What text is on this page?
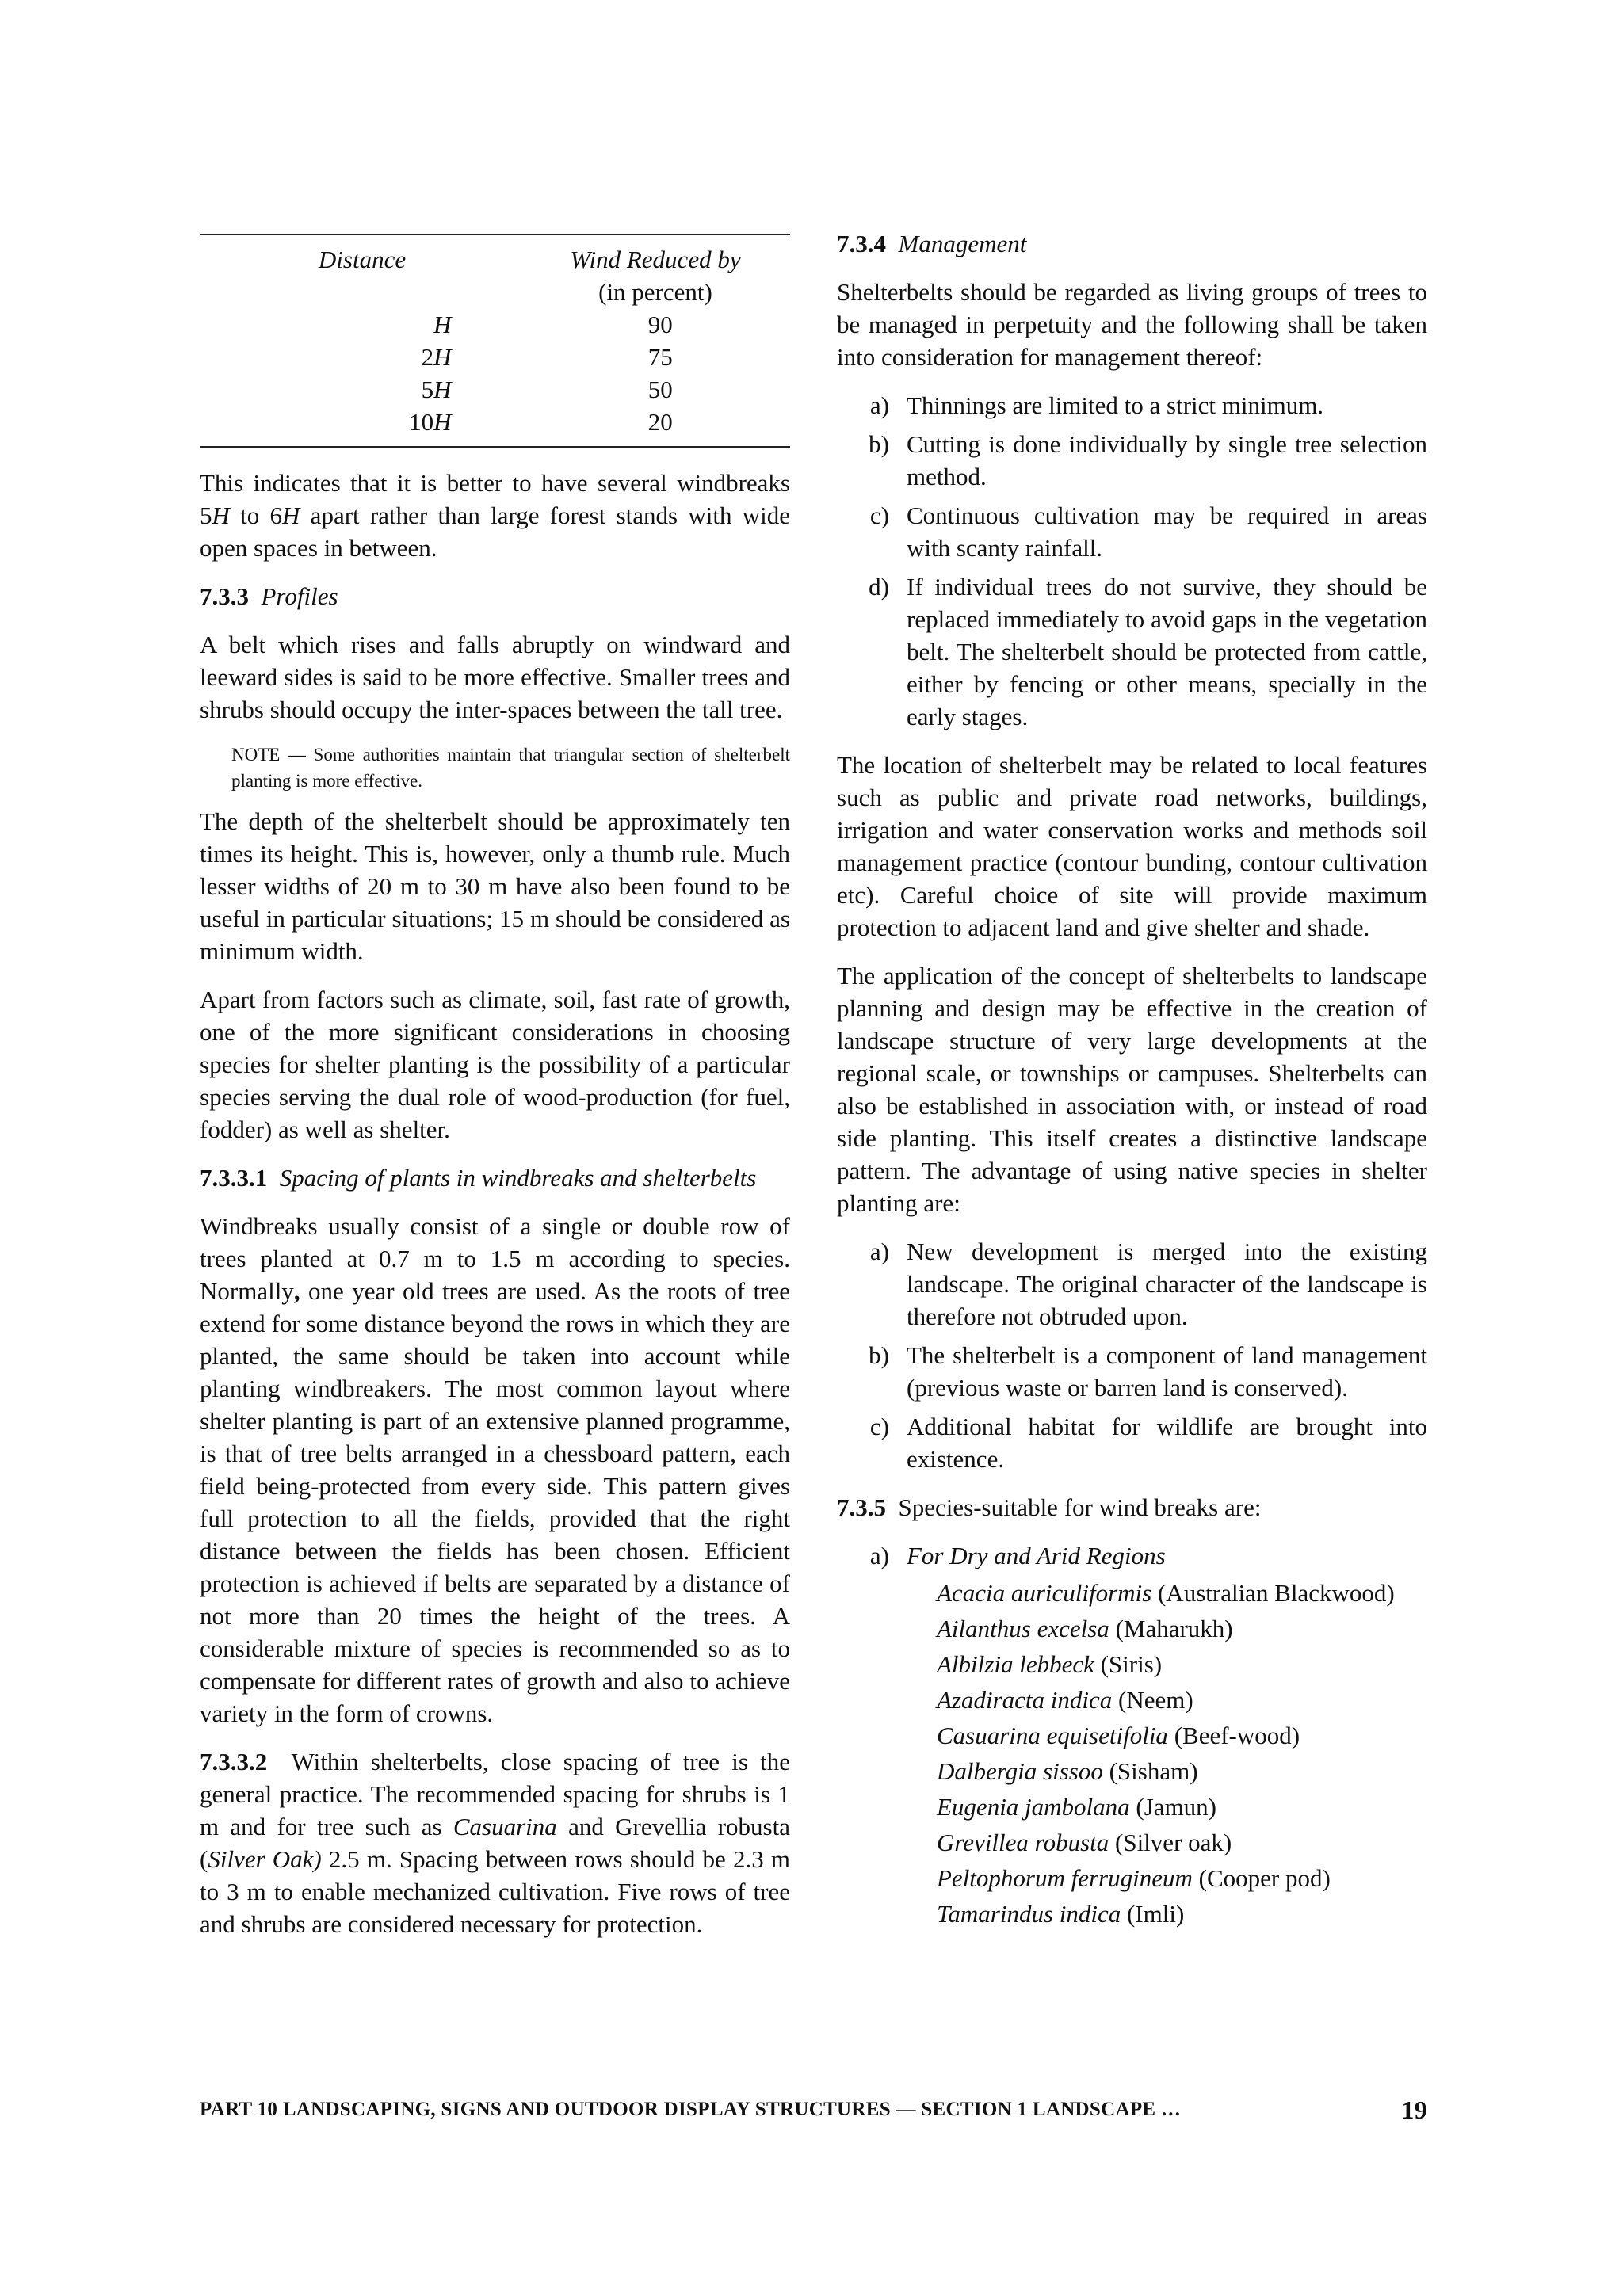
Distance	Wind Reduced by
(in percent)
H	90
2H	75
5H	50
10H	20

This indicates that it is better to have several windbreaks 5H to 6H apart rather than large forest stands with wide open spaces in between.

7.3.3 Profiles

A belt which rises and falls abruptly on windward and leeward sides is said to be more effective. Smaller trees and shrubs should occupy the inter-spaces between the tall tree.

NOTE — Some authorities maintain that triangular section of shelterbelt planting is more effective.

The depth of the shelterbelt should be approximately ten times its height. This is, however, only a thumb rule. Much lesser widths of 20 m to 30 m have also been found to be useful in particular situations; 15 m should be considered as minimum width.

Apart from factors such as climate, soil, fast rate of growth, one of the more significant considerations in choosing species for shelter planting is the possibility of a particular species serving the dual role of wood-production (for fuel, fodder) as well as shelter.

7.3.3.1 Spacing of plants in windbreaks and shelterbelts

Windbreaks usually consist of a single or double row of trees planted at 0.7 m to 1.5 m according to species. Normally, one year old trees are used. As the roots of tree extend for some distance beyond the rows in which they are planted, the same should be taken into account while planting windbreakers. The most common layout where shelter planting is part of an extensive planned programme, is that of tree belts arranged in a chessboard pattern, each field being-protected from every side. This pattern gives full protection to all the fields, provided that the right distance between the fields has been chosen. Efficient protection is achieved if belts are separated by a distance of not more than 20 times the height of the trees. A considerable mixture of species is recommended so as to compensate for different rates of growth and also to achieve variety in the form of crowns.

7.3.3.2 Within shelterbelts, close spacing of tree is the general practice. The recommended spacing for shrubs is 1 m and for tree such as Casuarina and Grevellia robusta (Silver Oak) 2.5 m. Spacing between rows should be 2.3 m to 3 m to enable mechanized cultivation. Five rows of tree and shrubs are considered necessary for protection.

7.3.4 Management

Shelterbelts should be regarded as living groups of trees to be managed in perpetuity and the following shall be taken into consideration for management thereof:

a) Thinnings are limited to a strict minimum.
b) Cutting is done individually by single tree selection method.
c) Continuous cultivation may be required in areas with scanty rainfall.
d) If individual trees do not survive, they should be replaced immediately to avoid gaps in the vegetation belt. The shelterbelt should be protected from cattle, either by fencing or other means, specially in the early stages.

The location of shelterbelt may be related to local features such as public and private road networks, buildings, irrigation and water conservation works and methods soil management practice (contour bunding, contour cultivation etc). Careful choice of site will provide maximum protection to adjacent land and give shelter and shade.

The application of the concept of shelterbelts to landscape planning and design may be effective in the creation of landscape structure of very large developments at the regional scale, or townships or campuses. Shelterbelts can also be established in association with, or instead of road side planting. This itself creates a distinctive landscape pattern. The advantage of using native species in shelter planting are:

a) New development is merged into the existing landscape. The original character of the landscape is therefore not obtruded upon.
b) The shelterbelt is a component of land management (previous waste or barren land is conserved).
c) Additional habitat for wildlife are brought into existence.
7.3.5 Species-suitable for wind breaks are:
a) For Dry and Arid Regions
Acacia auriculiformis (Australian Blackwood)
Ailanthus excelsa (Maharukh)
Albilzia lebbeck (Siris)
Azadiracta indica (Neem)
Casuarina equisetifolia (Beef-wood)
Dalbergia sissoo (Sisham)
Eugenia jambolana (Jamun)
Grevillea robusta (Silver oak)
Peltophorum ferrugineum (Cooper pod)
Tamarindus indica (Imli)
PART 10 LANDSCAPING, SIGNS AND OUTDOOR DISPLAY STRUCTURES — SECTION 1 LANDSCAPE …	19
